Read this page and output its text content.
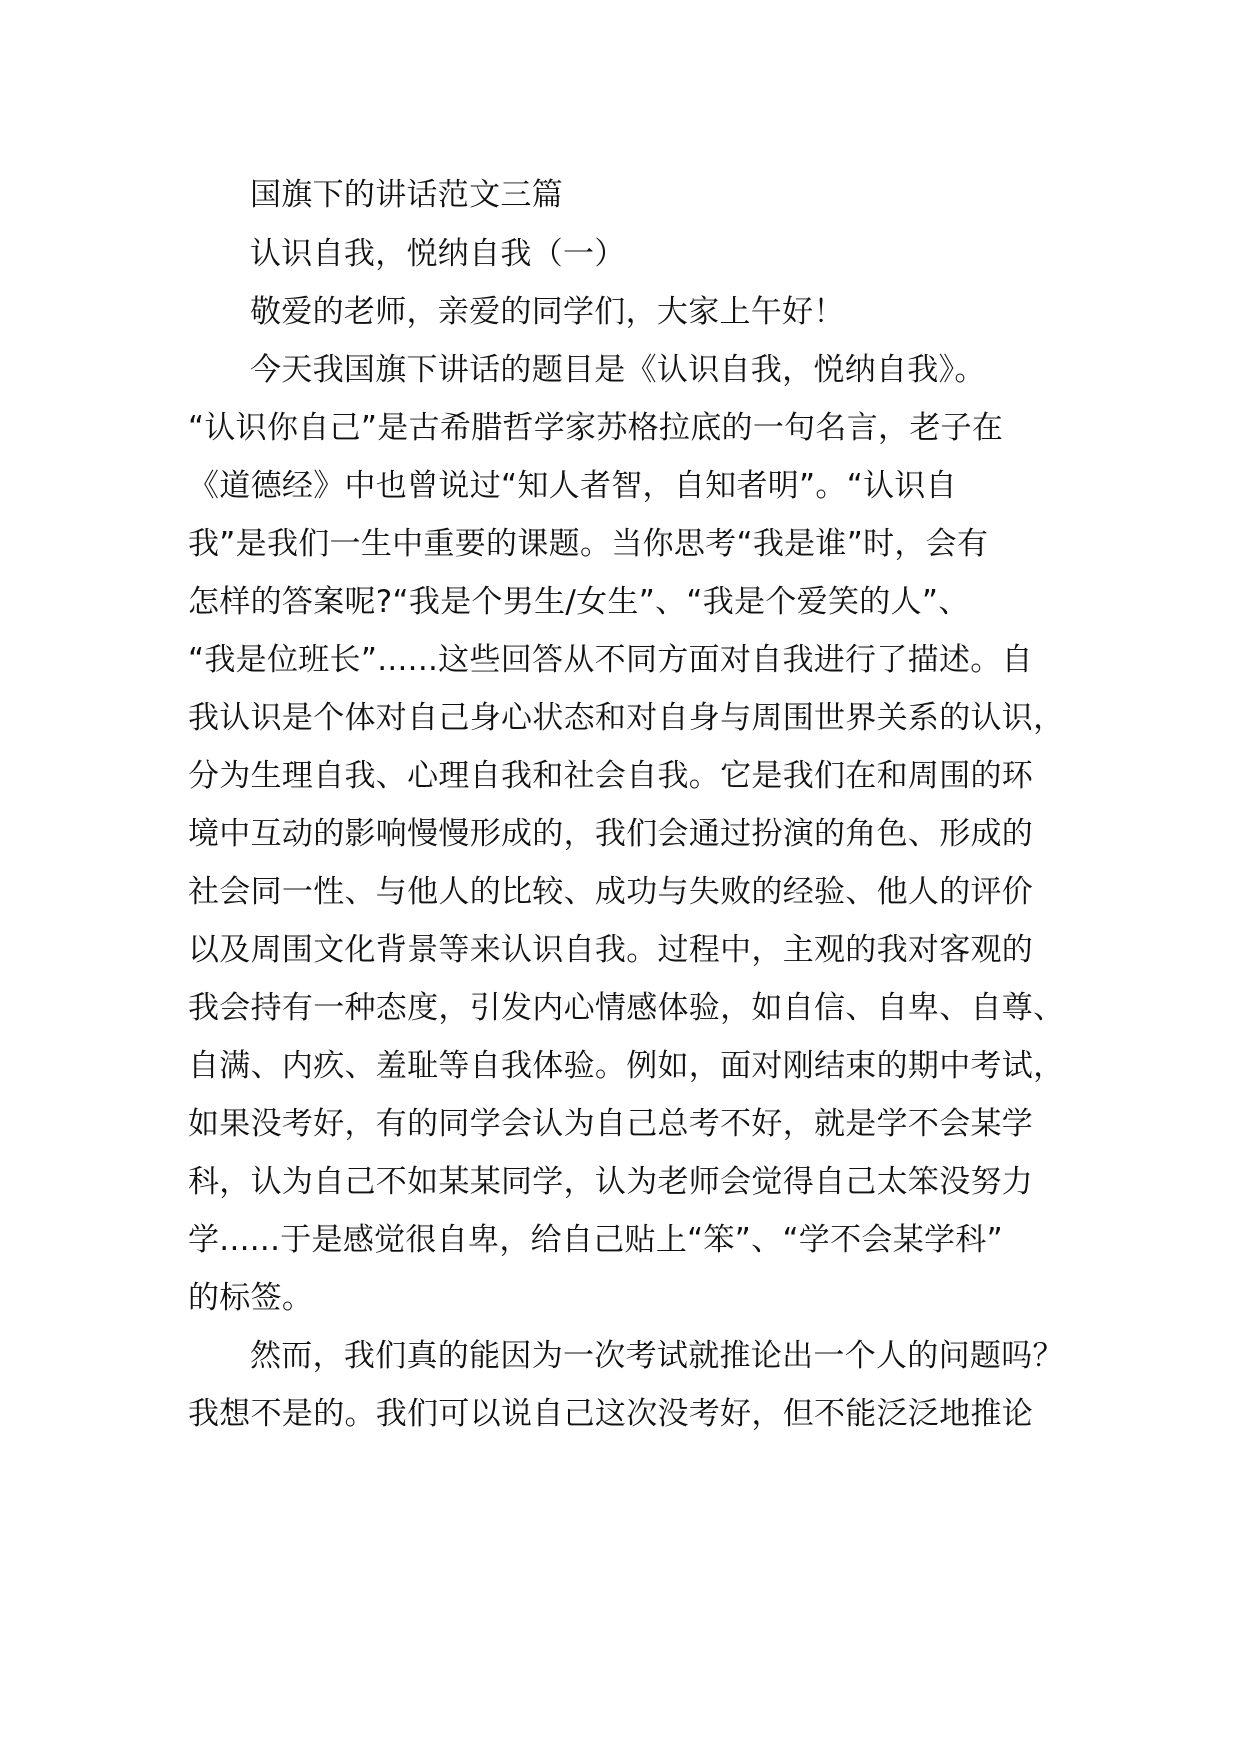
国旗下的讲话范文三篇
认识自我，悦纳自我（一）
敬爱的老师，亲爱的同学们，大家上午好！
今天我国旗下讲话的题目是《认识自我，悦纳自我》。
“认识你自己”是古希腊哲学家苏格拉底的一句名言，老子在
《道德经》中也曾说过“知人者智，自知者明”。“认识自
我”是我们一生中重要的课题。当你思考“我是谁”时，会有
怎样的答案呢?“我是个男生/女生”、“我是个爱笑的人”、
“我是位班长”......这些回答从不同方面对自我进行了描述。自
我认识是个体对自己身心状态和对自身与周围世界关系的认识，
分为生理自我、心理自我和社会自我。它是我们在和周围的环
境中互动的影响慢慢形成的，我们会通过扮演的角色、形成的
社会同一性、与他人的比较、成功与失败的经验、他人的评价
以及周围文化背景等来认识自我。过程中，主观的我对客观的
我会持有一种态度，引发内心情感体验，如自信、自卑、自尊、
自满、内疚、羞耻等自我体验。例如，面对刚结束的期中考试，
如果没考好，有的同学会认为自己总考不好，就是学不会某学
科，认为自己不如某某同学，认为老师会觉得自己太笨没努力
学......于是感觉很自卑，给自己贴上“笨”、“学不会某学科”
的标签。
然而，我们真的能因为一次考试就推论出一个人的问题吗？
我想不是的。我们可以说自己这次没考好，但不能泛泛地推论
